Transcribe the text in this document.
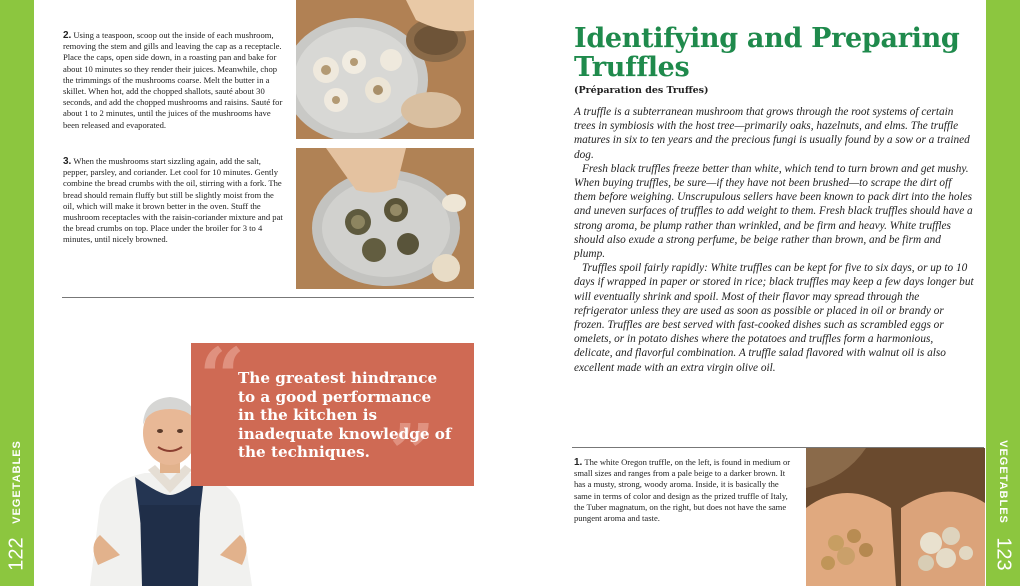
VEGETABLES
122
VEGETABLES
123
2. Using a teaspoon, scoop out the inside of each mushroom, removing the stem and gills and leaving the cap as a receptacle. Place the caps, open side down, in a roasting pan and bake for about 10 minutes so they render their juices. Meanwhile, chop the trimmings of the mushrooms coarse. Melt the butter in a skillet. When hot, add the chopped shallots, sauté about 30 seconds, and add the chopped mushrooms and raisins. Sauté for about 1 to 2 minutes, until the juices of the mushrooms have been released and evaporated.
3. When the mushrooms start sizzling again, add the salt, pepper, parsley, and coriander. Let cool for 10 minutes. Gently combine the bread crumbs with the oil, stirring with a fork. The bread should remain fluffy but still be slightly moist from the oil, which will make it brown better in the oven. Stuff the mushroom receptacles with the raisin-coriander mixture and pat the bread crumbs on top. Place under the broiler for 3 to 4 minutes, until nicely browned.
“
”
The greatest hindrance to a good performance in the kitchen is inadequate knowledge of the techniques.
Identifying and Preparing Truffles
(Préparation des Truffes)

A truffle is a subterranean mushroom that grows through the root systems of certain trees in symbiosis with the host tree—primarily oaks, hazelnuts, and elms. The truffle matures in six to ten years and the precious fungi is usually found by a sow or a trained dog.

Fresh black truffles freeze better than white, which tend to turn brown and get mushy. When buying truffles, be sure—if they have not been brushed—to scrape the dirt off them before weighing. Unscrupulous sellers have been known to pack dirt into the holes and uneven surfaces of truffles to add weight to them. Fresh black truffles should have a strong aroma, be plump rather than wrinkled, and be firm and heavy. White truffles should also exude a strong perfume, be beige rather than brown, and be firm and plump.

Truffles spoil fairly rapidly: White truffles can be kept for five to six days, or up to 10 days if wrapped in paper or stored in rice; black truffles may keep a few days longer but will eventually shrink and spoil. Most of their flavor may spread through the refrigerator unless they are used as soon as possible or placed in oil or brandy or frozen. Truffles are best served with fast-cooked dishes such as scrambled eggs or omelets, or in potato dishes where the potatoes and truffles form a harmonious, delicate, and flavorful combination. A truffle salad flavored with walnut oil is also excellent made with an extra virgin olive oil.

1. The white Oregon truffle, on the left, is found in medium or small sizes and ranges from a pale beige to a darker brown. It has a musty, strong, woody aroma. Inside, it is basically the same in terms of color and design as the prized truffle of Italy, the Tuber magnatum, on the right, but does not have the same pungent aroma and taste.
